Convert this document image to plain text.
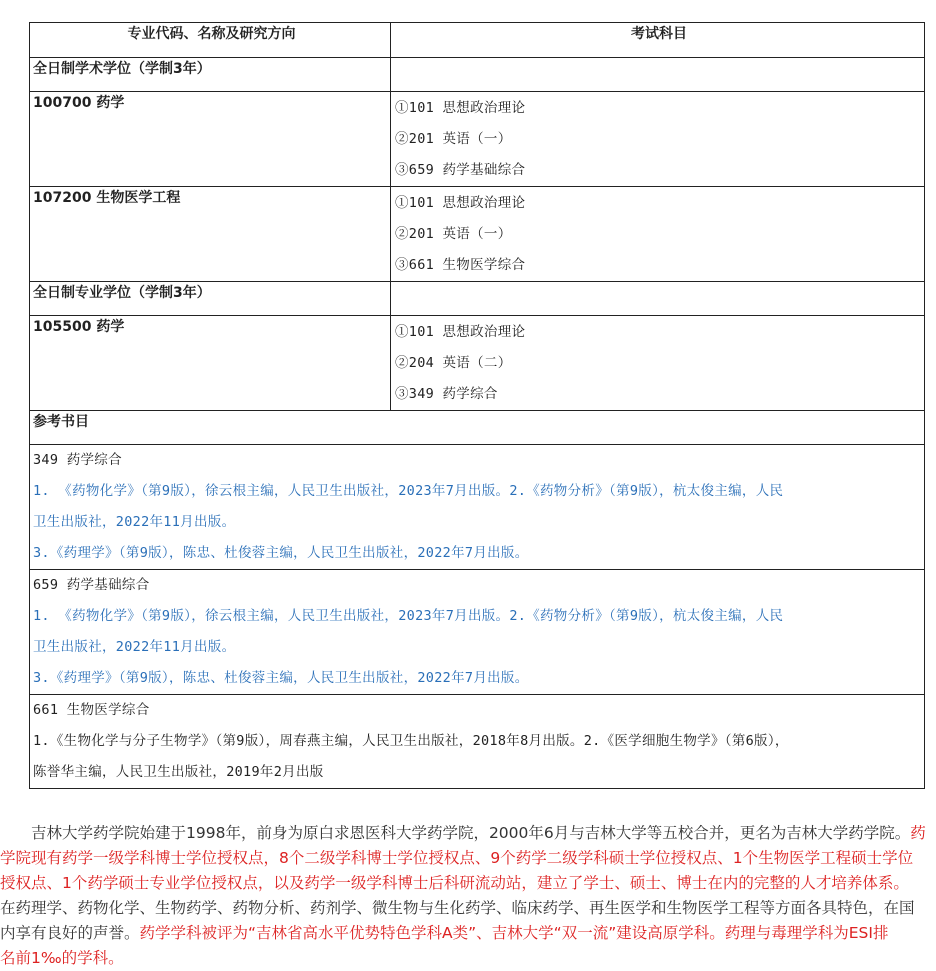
专业代码、名称及研究方向	考试科目
全日制学术学位（学制3年）	
100700 药学	①101 思想政治理论
②201 英语（一）
③659 药学基础综合

107200 生物医学工程	①101 思想政治理论
②201 英语（一）
③661 生物医学综合

全日制专业学位（学制3年）	
105500 药学	①101 思想政治理论
②204 英语（二）
③349 药学综合

参考书目	

349 药学综合
1. 《药物化学》（第9版），徐云根主编，人民卫生出版社，2023年7月出版。2.《药物分析》（第9版），杭太俊主编，人民
卫生出版社，2022年11月出版。
3.《药理学》（第9版），陈忠、杜俊蓉主编，人民卫生出版社，2022年7月出版。	

659 药学基础综合
1. 《药物化学》（第9版），徐云根主编，人民卫生出版社，2023年7月出版。2.《药物分析》（第9版），杭太俊主编，人民
卫生出版社，2022年11月出版。
3.《药理学》（第9版），陈忠、杜俊蓉主编，人民卫生出版社，2022年7月出版。	

661 生物医学综合
1.《生物化学与分子生物学》（第9版），周春燕主编，人民卫生出版社，2018年8月出版。2.《医学细胞生物学》（第6版），
陈誉华主编，人民卫生出版社，2019年2月出版	

　　吉林大学药学院始建于1998年，前身为原白求恩医科大学药学院，2000年6月与吉林大学等五校合并，更名为吉林大学药学院。药

学院现有药学一级学科博士学位授权点，8个二级学科博士学位授权点、9个药学二级学科硕士学位授权点、1个生物医学工程硕士学位

授权点、1个药学硕士专业学位授权点，以及药学一级学科博士后科研流动站，建立了学士、硕士、博士在内的完整的人才培养体系。

在药理学、药物化学、生物药学、药物分析、药剂学、微生物与生化药学、临床药学、再生医学和生物医学工程等方面各具特色，在国

内享有良好的声誉。药学学科被评为“吉林省高水平优势特色学科A类”、吉林大学“双一流”建设高原学科。药理与毒理学科为ESI排

名前1‰的学科。
